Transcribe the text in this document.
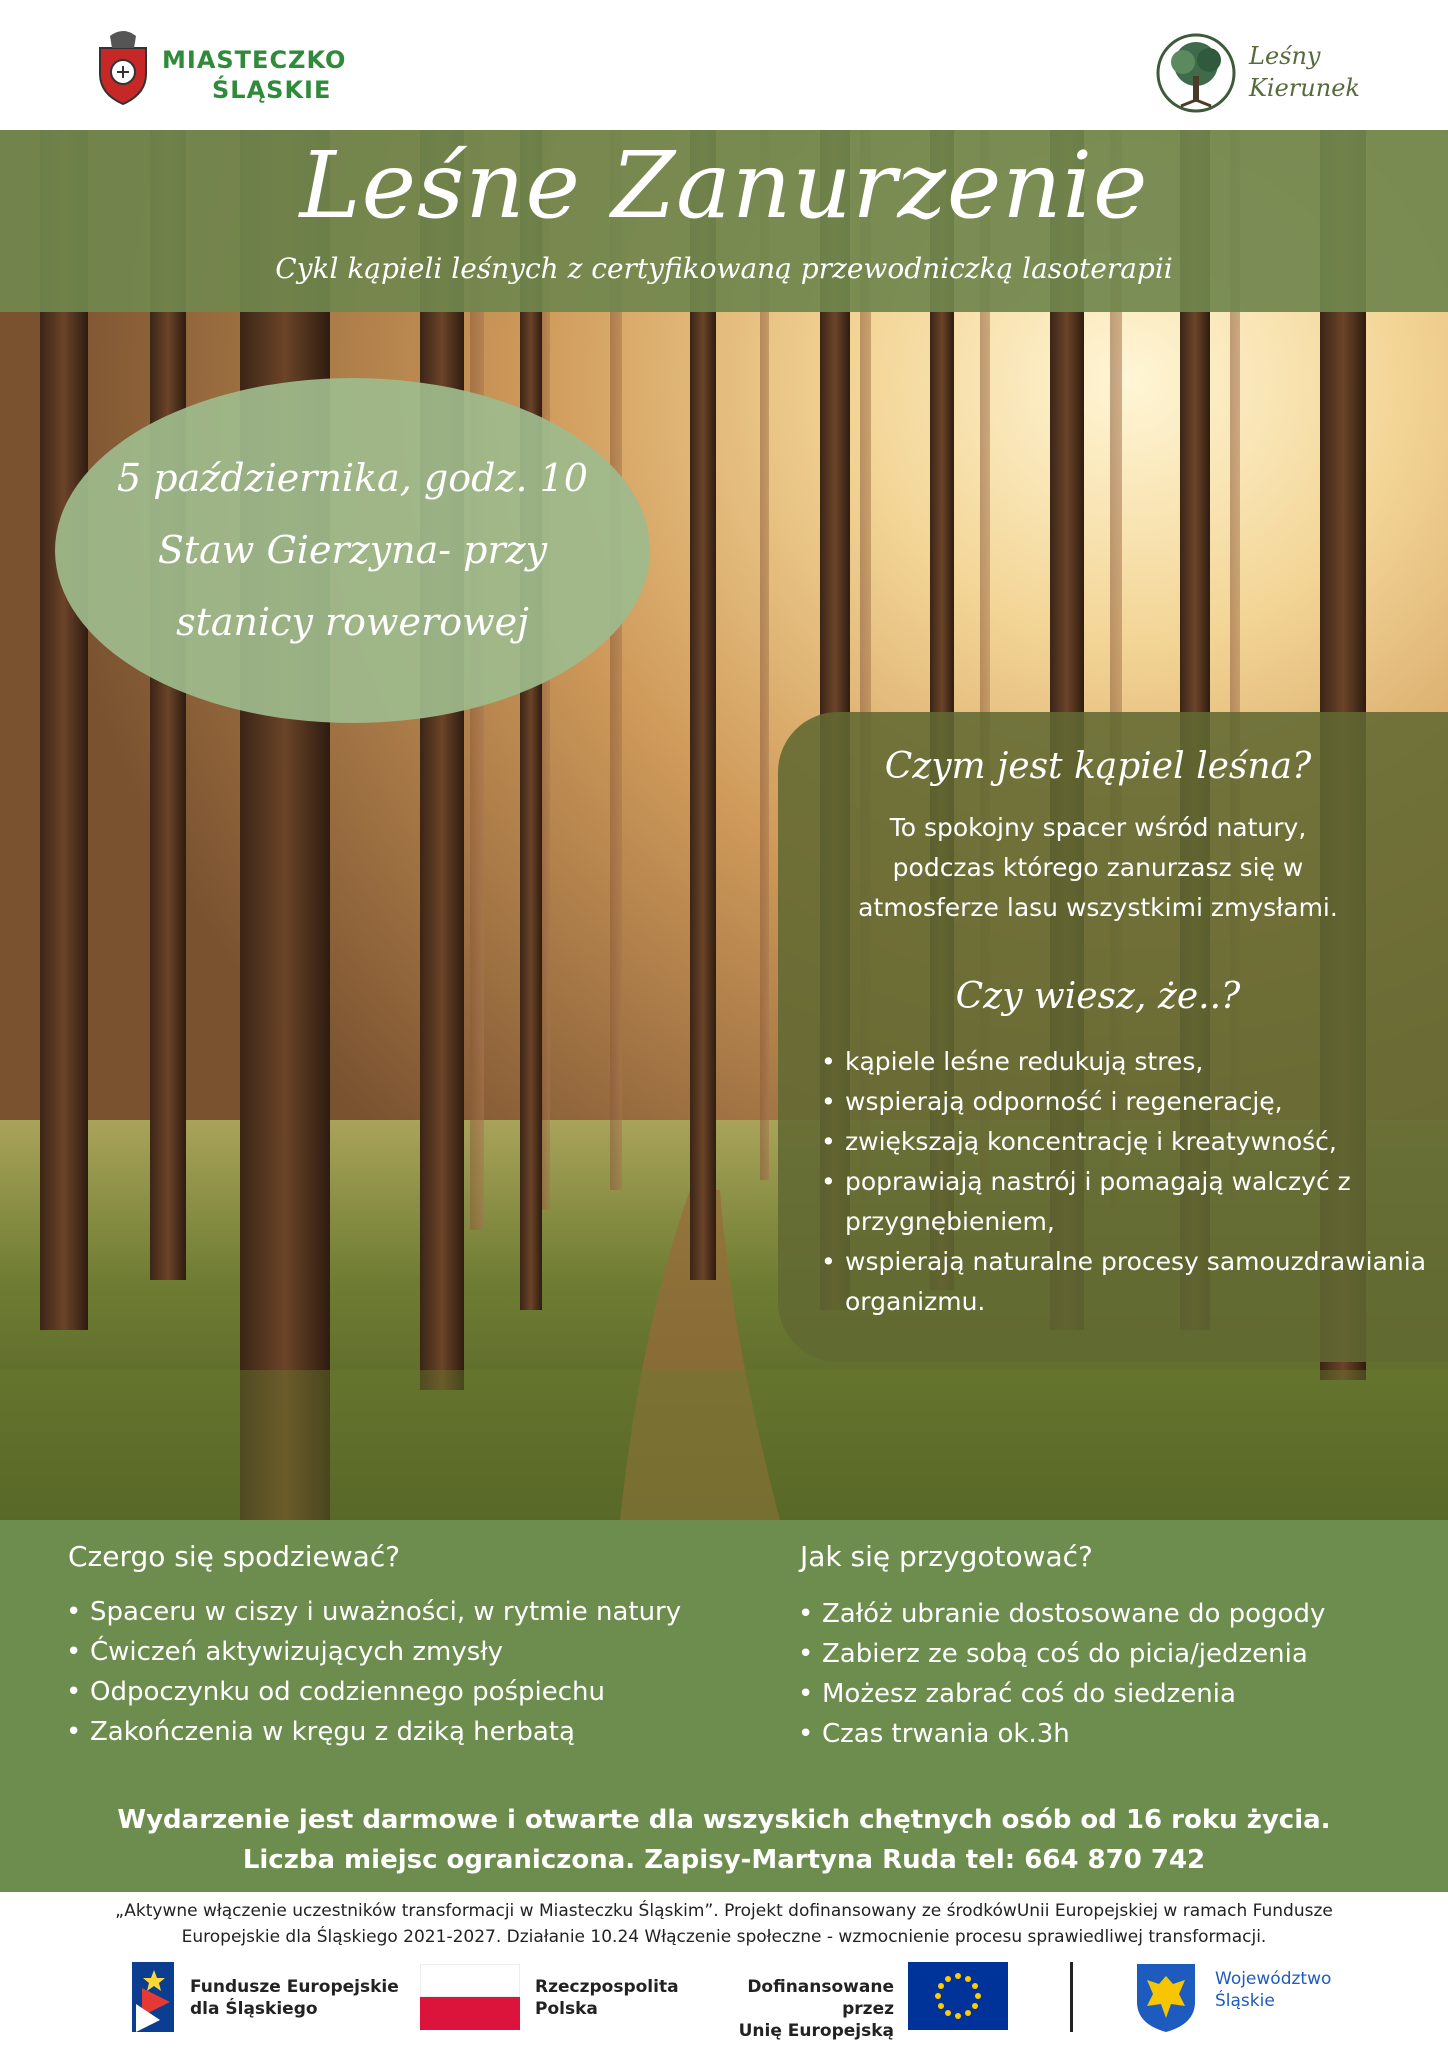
MIASTECZKO
ŚLĄSKIE
Leśny
Kierunek
Leśne Zanurzenie
Cykl kąpieli leśnych z certyfikowaną przewodniczką lasoterapii
5 października, godz. 10
Staw Gierzyna- przy
stanicy rowerowej
Czym jest kąpiel leśna?
To spokojny spacer wśród natury,
podczas którego zanurzasz się w
atmosferze lasu wszystkimi zmysłami.
Czy wiesz, że..?
• kąpiele leśne redukują stres,
• wspierają odporność i regenerację,
• zwiększają koncentrację i kreatywność,
• poprawiają nastrój i pomagają walczyć z przygnębieniem,
• wspierają naturalne procesy samouzdrawiania organizmu.
Czergo się spodziewać?
• Spaceru w ciszy i uważności, w rytmie natury
• Ćwiczeń aktywizujących zmysły
• Odpoczynku od codziennego pośpiechu
• Zakończenia w kręgu z dziką herbatą
Jak się przygotować?
• Załóż ubranie dostosowane do pogody
• Zabierz ze sobą coś do picia/jedzenia
• Możesz zabrać coś do siedzenia
• Czas trwania ok.3h
Wydarzenie jest darmowe i otwarte dla wszyskich chętnych osób od 16 roku życia.
Liczba miejsc ograniczona. Zapisy-Martyna Ruda tel: 664 870 742
„Aktywne włączenie uczestników transformacji w Miasteczku Śląskim”. Projekt dofinansowany ze środkówUnii Europejskiej w ramach Fundusze
Europejskie dla Śląskiego 2021-2027. Działanie 10.24 Włączenie społeczne - wzmocnienie procesu sprawiedliwej transformacji.
Fundusze Europejskie
dla Śląskiego
Rzeczpospolita
Polska
Dofinansowane przez
Unię Europejską
Województwo
Śląskie
